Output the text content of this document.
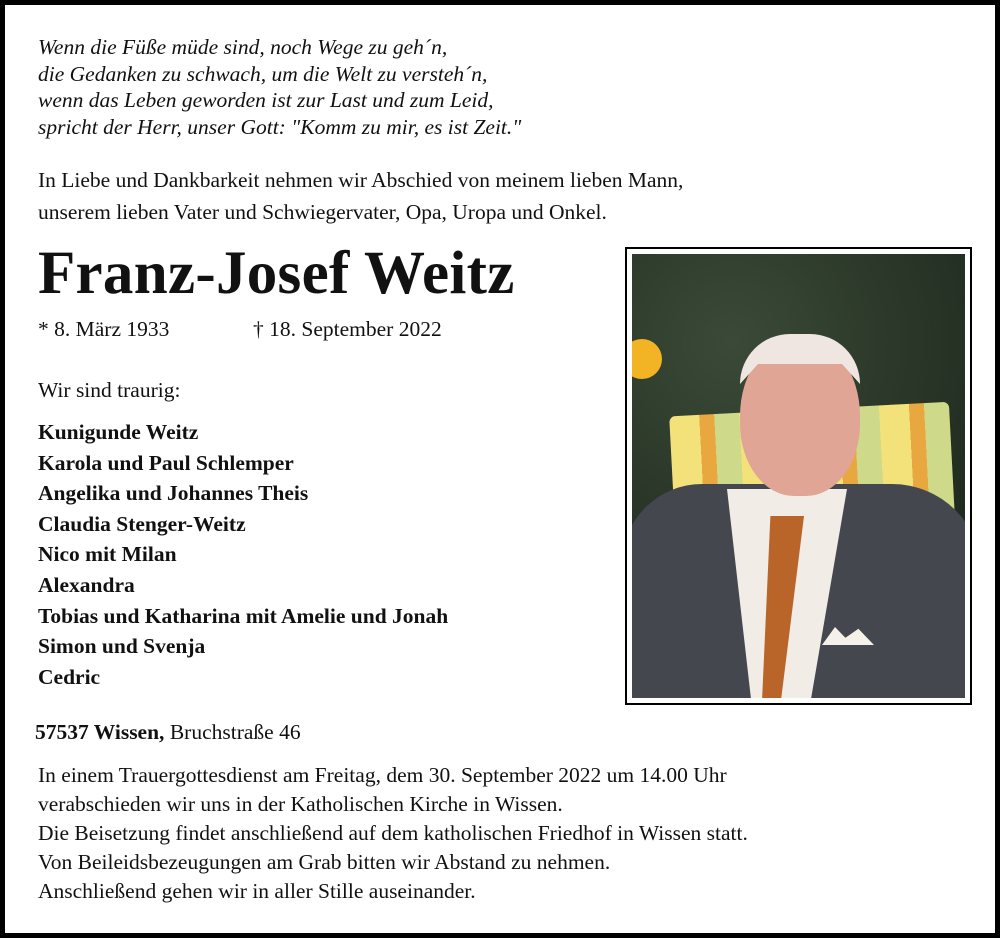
Wenn die Füße müde sind, noch Wege zu geh´n,
die Gedanken zu schwach, um die Welt zu versteh´n,
wenn das Leben geworden ist zur Last und zum Leid,
spricht der Herr, unser Gott: "Komm zu mir, es ist Zeit."
In Liebe und Dankbarkeit nehmen wir Abschied von meinem lieben Mann,
unserem lieben Vater und Schwiegervater, Opa, Uropa und Onkel.
Franz-Josef Weitz
* 8. März 1933	† 18. September 2022
Wir sind traurig:
Kunigunde Weitz
Karola und Paul Schlemper
Angelika und Johannes Theis
Claudia Stenger-Weitz
Nico mit Milan
Alexandra
Tobias und Katharina mit Amelie und Jonah
Simon und Svenja
Cedric
57537 Wissen, Bruchstraße 46
In einem Trauergottesdienst am Freitag, dem 30. September 2022 um 14.00 Uhr
verabschieden wir uns in der Katholischen Kirche in Wissen.
Die Beisetzung findet anschließend auf dem katholischen Friedhof in Wissen statt.
Von Beileidsbezeugungen am Grab bitten wir Abstand zu nehmen.
Anschließend gehen wir in aller Stille auseinander.
